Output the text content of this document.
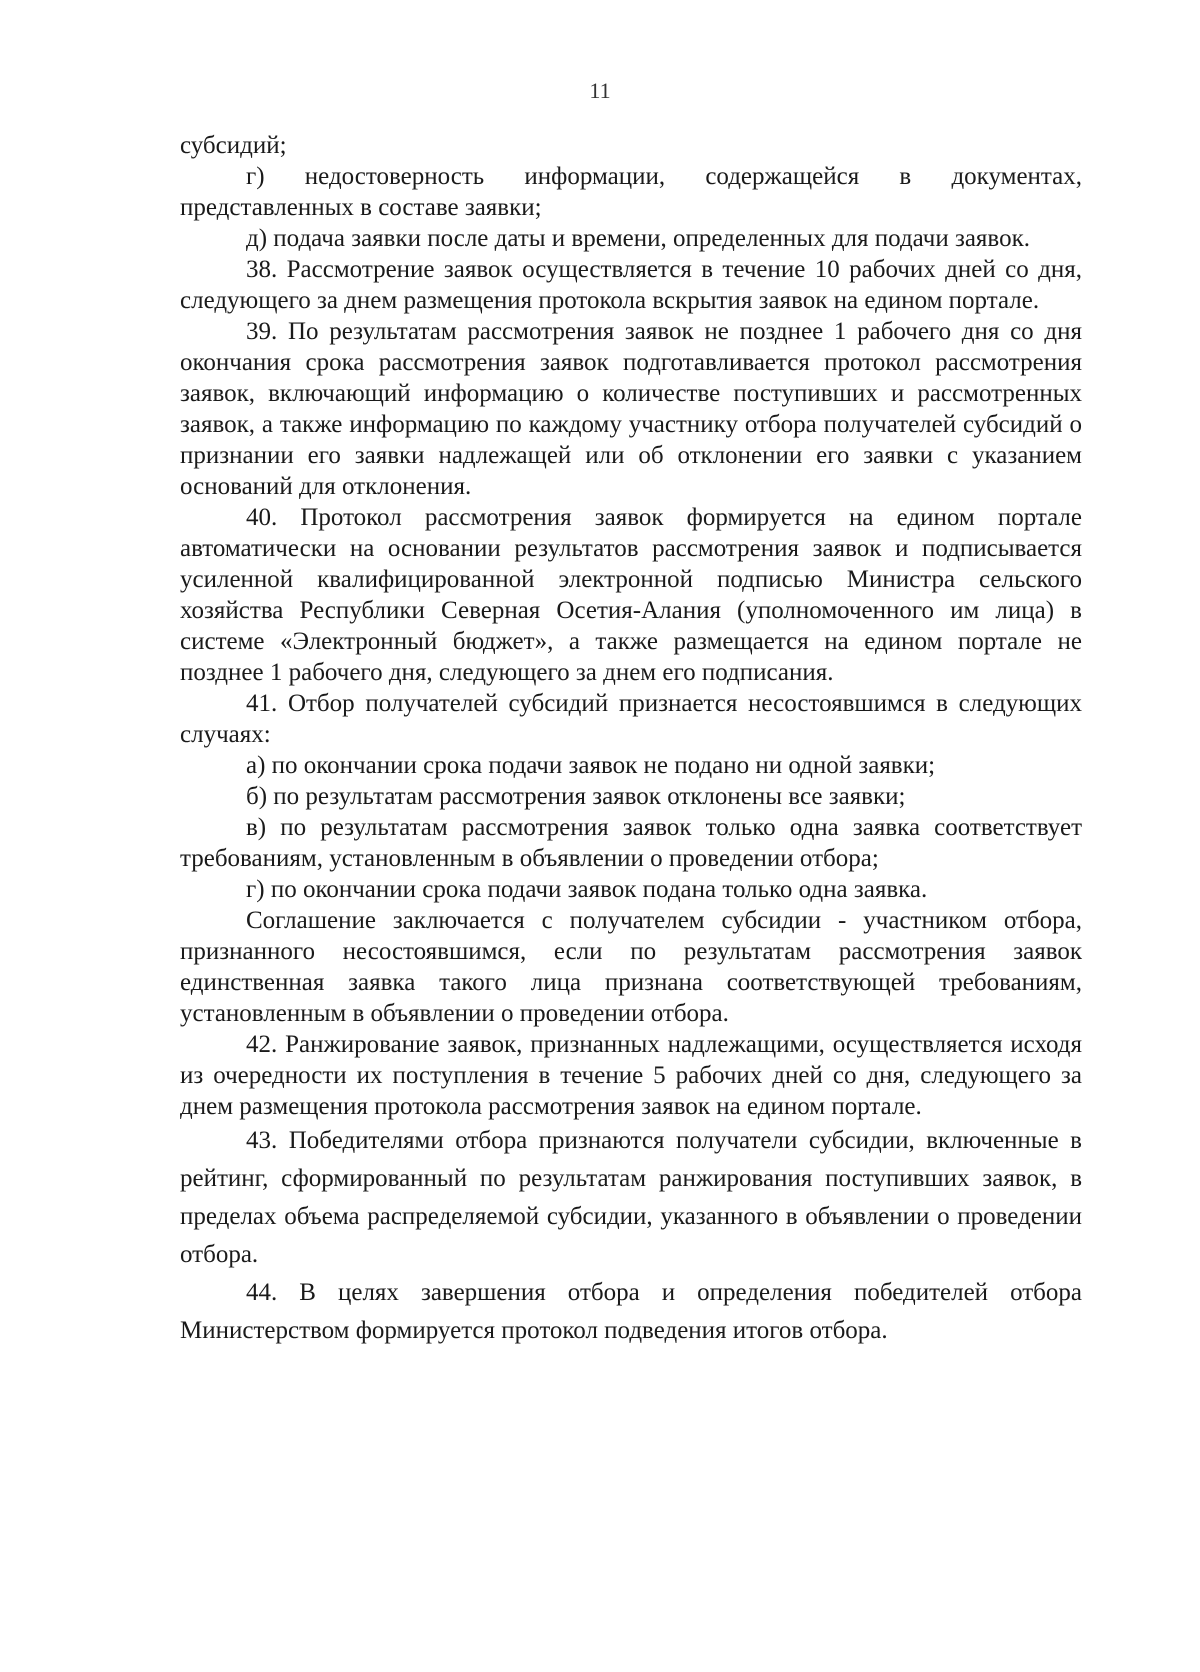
11

субсидий;

г) недостоверность информации, содержащейся в документах, представленных в составе заявки;

д) подача заявки после даты и времени, определенных для подачи заявок.

38. Рассмотрение заявок осуществляется в течение 10 рабочих дней со дня, следующего за днем размещения протокола вскрытия заявок на едином портале.

39. По результатам рассмотрения заявок не позднее 1 рабочего дня со дня окончания срока рассмотрения заявок подготавливается протокол рассмотрения заявок, включающий информацию о количестве поступивших и рассмотренных заявок, а также информацию по каждому участнику отбора получателей субсидий о признании его заявки надлежащей или об отклонении его заявки с указанием оснований для отклонения.

40. Протокол рассмотрения заявок формируется на едином портале автоматически на основании результатов рассмотрения заявок и подписывается усиленной квалифицированной электронной подписью Министра сельского хозяйства Республики Северная Осетия-Алания (уполномоченного им лица) в системе «Электронный бюджет», а также размещается на едином портале не позднее 1 рабочего дня, следующего за днем его подписания.

41. Отбор получателей субсидий признается несостоявшимся в следующих случаях:

а) по окончании срока подачи заявок не подано ни одной заявки;

б) по результатам рассмотрения заявок отклонены все заявки;

в) по результатам рассмотрения заявок только одна заявка соответствует требованиям, установленным в объявлении о проведении отбора;

г) по окончании срока подачи заявок подана только одна заявка.

Соглашение заключается с получателем субсидии - участником отбора, признанного несостоявшимся, если по результатам рассмотрения заявок единственная заявка такого лица признана соответствующей требованиям, установленным в объявлении о проведении отбора.

42. Ранжирование заявок, признанных надлежащими, осуществляется исходя из очередности их поступления в течение 5 рабочих дней со дня, следующего за днем размещения протокола рассмотрения заявок на едином портале.

43. Победителями отбора признаются получатели субсидии, включенные в рейтинг, сформированный по результатам ранжирования поступивших заявок, в пределах объема распределяемой субсидии, указанного в объявлении о проведении отбора.

44. В целях завершения отбора и определения победителей отбора Министерством формируется протокол подведения итогов отбора.
